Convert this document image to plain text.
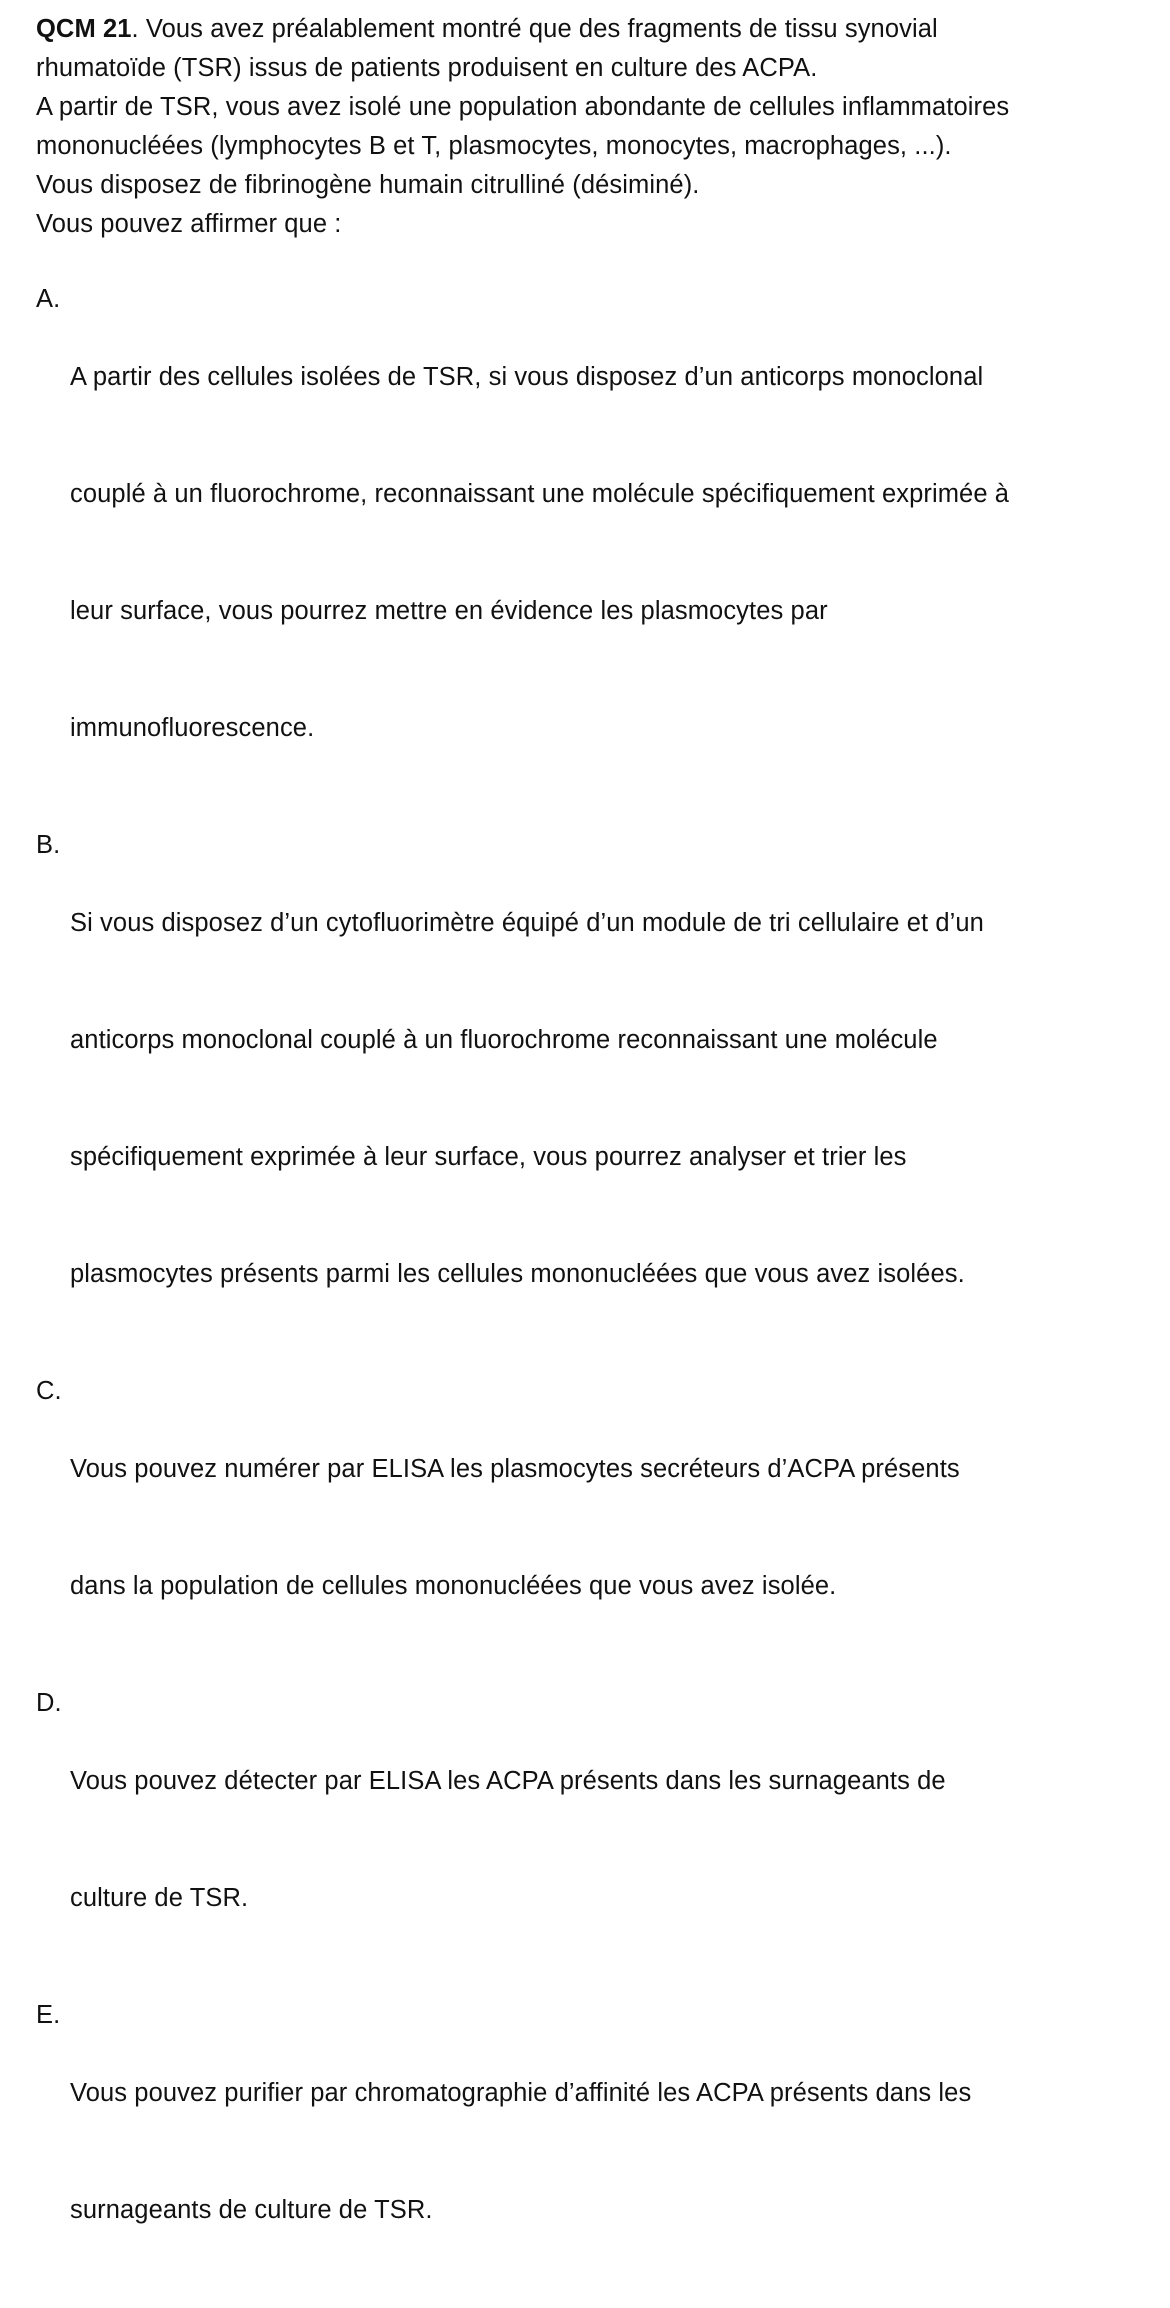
QCM 21. Vous avez préalablement montré que des fragments de tissu synovial
rhumatoïde (TSR) issus de patients produisent en culture des ACPA.
A partir de TSR, vous avez isolé une population abondante de cellules inflammatoires
mononucléées (lymphocytes B et T, plasmocytes, monocytes, macrophages, ...).
Vous disposez de fibrinogène humain citrulliné (désiminé).
Vous pouvez affirmer que :
A.

A partir des cellules isolées de TSR, si vous disposez d’un anticorps monoclonal

couplé à un fluorochrome, reconnaissant une molécule spécifiquement exprimée à

leur surface, vous pourrez mettre en évidence les plasmocytes par

immunofluorescence.

B.

Si vous disposez d’un cytofluorimètre équipé d’un module de tri cellulaire et d’un

anticorps monoclonal couplé à un fluorochrome reconnaissant une molécule

spécifiquement exprimée à leur surface, vous pourrez analyser et trier les

plasmocytes présents parmi les cellules mononucléées que vous avez isolées.

C.

Vous pouvez numérer par ELISA les plasmocytes secréteurs d’ACPA présents

dans la population de cellules mononucléées que vous avez isolée.

D.

Vous pouvez détecter par ELISA les ACPA présents dans les surnageants de

culture de TSR.

E.

Vous pouvez purifier par chromatographie d’affinité les ACPA présents dans les

surnageants de culture de TSR.
